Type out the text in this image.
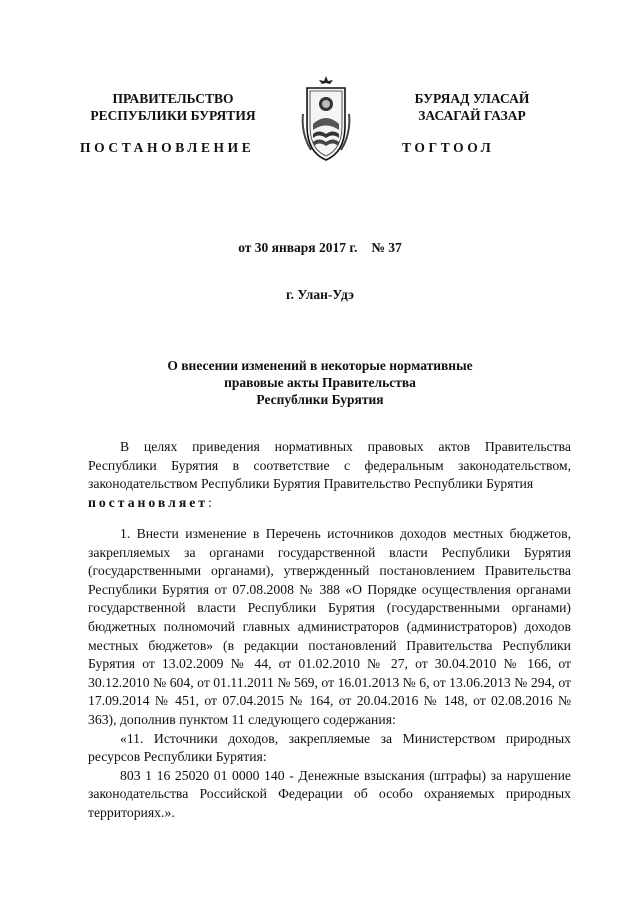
ПРАВИТЕЛЬСТВО
РЕСПУБЛИКИ БУРЯТИЯ
БУРЯАД УЛАСАЙ
ЗАСАГАЙ ГАЗАР
ПОСТАНОВЛЕНИЕ	ТОГТООЛ
от 30 января 2017 г. № 37
г. Улан-Удэ
О внесении изменений в некоторые нормативные
правовые акты Правительства
Республики Бурятия
В целях приведения нормативных правовых актов Правительства Республики Бурятия в соответствие с федеральным законодательством, законодательством Республики Бурятия Правительство Республики Бурятия
постановляет:
1. Внести изменение в Перечень источников доходов местных бюджетов, закрепляемых за органами государственной власти Республики Бурятия (государственными органами), утвержденный постановлением Правительства Республики Бурятия от 07.08.2008 № 388 «О Порядке осуществления органами государственной власти Республики Бурятия (государственными органами) бюджетных полномочий главных администраторов (администраторов) доходов местных бюджетов» (в редакции постановлений Правительства Республики Бурятия от 13.02.2009 № 44, от 01.02.2010 № 27, от 30.04.2010 № 166, от 30.12.2010 № 604, от 01.11.2011 № 569, от 16.01.2013 № 6, от 13.06.2013 № 294, от 17.09.2014 № 451, от 07.04.2015 № 164, от 20.04.2016 № 148, от 02.08.2016 № 363), дополнив пунктом 11 следующего содержания:
«11. Источники доходов, закрепляемые за Министерством природных ресурсов Республики Бурятия:
803 1 16 25020 01 0000 140 - Денежные взыскания (штрафы) за нарушение законодательства Российской Федерации об особо охраняемых природных территориях.».
